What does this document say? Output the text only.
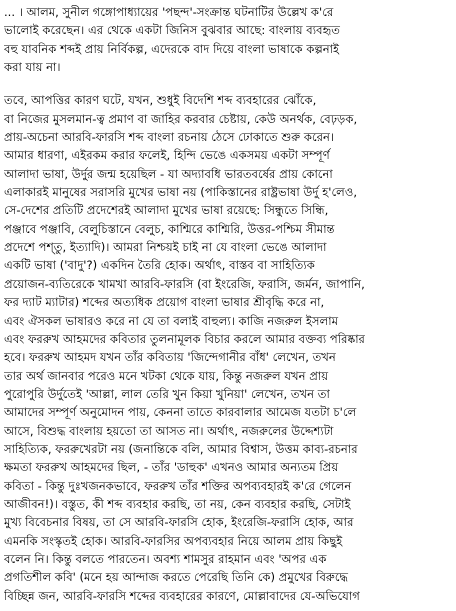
... । আলম, সুনীল গঙ্গোপাধ্যায়ের 'পছন্দ'-সংক্রান্ত ঘটনাটির উল্লেখ ক'রে
ভালোই করেছেন। এর থেকে একটা জিনিস বুঝবার আছে: বাংলায় ব্যবহৃত
বহু যাবনিক শব্দই প্রায় নির্বিকল্প, এদেরকে বাদ দিয়ে বাংলা ভাষাকে কল্পনাই
করা যায় না।

তবে, আপত্তির কারণ ঘটে, যখন, শুধুই বিদেশি শব্দ ব্যবহারের ঝোঁকে,
বা নিজের মুসলমান-ত্ব প্রমাণ বা জাহির করবার চেষ্টায়, কেউ অনর্থক, বেঢ়ড়ক,
প্রায়-অচেনা আরবি-ফারসি শব্দ বাংলা রচনায় ঠেসে ঢোকাতে শুরু করেন।
আমার ধারণা, এইরকম করার ফলেই, হিন্দি ভেঙে একসময় একটা সম্পূর্ণ
আলাদা ভাষা, উর্দুর জন্ম হয়েছিল - যা অদ্যাবধি ভারতবর্ষের প্রায় কোনো
এলাকারই মানুষের সরাসরি মুখের ভাষা নয় (পাকিস্তানের রাষ্ট্রভাষা উর্দু হ'লেও,
সে-দেশের প্রতিটি প্রদেশেরই আলাদা মুখের ভাষা রয়েছে: সিন্ধুতে সিন্ধি,
পঞ্জাবে পঞ্জাবি, বেলুচিস্তানে বেলুচ, কাশ্মিরে কাশ্মিরি, উত্তর-পশ্চিম সীমান্ত
প্রদেশে পশ্‌তু, ইত্যাদি)। আমরা নিশ্চয়ই চাই না যে বাংলা ভেঙে আলাদা
একটি ভাষা ('বাদু'?) একদিন তৈরি হোক। অর্থাৎ, বাস্তব বা সাহিত্যিক
প্রয়োজন-ব্যতিরেকে খামখা আরবি-ফারসি (বা ইংরেজি, ফরাসি, জর্মন, জাপানি,
ফর দ্যাট ম্যাটার) শব্দের অত্যধিক প্রয়োগ বাংলা ভাষার শ্রীবৃদ্ধি করে না,
এবং ঐসকল ভাষারও করে না যে তা বলাই বাহুল্য। কাজি নজরুল ইসলাম
এবং ফররুখ আহমদের কবিতার তুলনামূলক বিচার করলে আমার বক্তব্য পরিষ্কার
হবে। ফররুখ আহমদ যখন তাঁর কবিতায় 'জিন্দেগানীর বাঁধ' লেখেন, তখন
তার অর্থ জানবার পরেও মনে খটকা থেকে যায়, কিন্তু নজরুল যখন প্রায়
পুরোপুরি উর্দুতেই 'আল্লা, লাল তেরি খুন কিয়া খুনিয়া' লেখেন, তখন তা
আমাদের সম্পূর্ণ অনুমোদন পায়, কেননা তাতে কারবালার আমেজ যতটা চ'লে
আসে, বিশুদ্ধ বাংলায় হয়তো তা আসত না। অর্থাৎ, নজরুলের উদ্দেশ্যটা
সাহিত্যিক, ফররুখেরটা নয় (জনান্তিকে বলি, আমার বিশ্বাস, উত্তম কাব্য-রচনার
ক্ষমতা ফররুখ আহমদের ছিল, - তাঁর 'ডাহুক' এখনও আমার অন্যতম প্রিয়
কবিতা - কিন্তু দুঃখজনকভাবে, ফররুখ তাঁর শক্তির অপব্যবহারই ক'রে গেলেন
আজীবন!)। বস্তুত, কী শব্দ ব্যবহার করছি, তা নয়, কেন ব্যবহার করছি, সেটাই
মুখ্য বিবেচনার বিষয়, তা সে আরবি-ফারসি হোক, ইংরেজি-ফরাসি হোক, আর
এমনকি সংস্কৃতই হোক। আরবি-ফারসির অপব্যবহার নিয়ে আলম প্রায় কিছুই
বলেন নি। কিন্তু বলতে পারতেন। অবশ্য শামসুর রাহমান এবং 'অপর এক
প্রগতিশীল কবি' (মনে হয় আন্দাজ করতে পেরেছি তিনি কে) প্রমুখের বিরুদ্ধে
বিচ্ছিন্ন জন, আরবি-ফারসি শব্দের ব্যবহারের কারণে, মোল্লাবাদের যে-অভিযোগ
